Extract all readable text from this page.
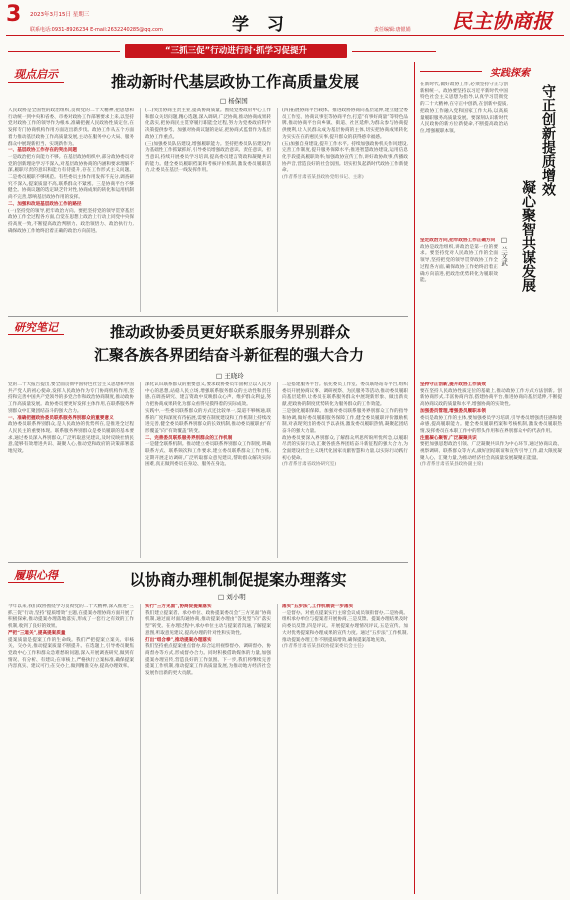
3 2023年3月15日 星期三
联系电话:0931-8926234 E-mail:2632240285@qq.com	学 习	责任编辑:唐银娟 民主协商报
“三抓三促”行动进行时·抓学习促提升
现点启示	推动新时代基层政协工作高质量发展
□ 杨保国
人民政协是全国性的政治组织,贯彻党的二十大精神,把思想和行动统一到中央和省委、市委对政协工作部署要求上来,以坚持党对政协工作的领导作为根本,准确把握人民政协性质定位,在发挥专门协商机构作用方面迈出新步伐。政协工作从五个方面着力推动基层政协工作高质量发展,主动在服务中心大局、服务群众中展现新担当、实现新作为。
一、基层政协工作存在的突出问题
一是政治把方向能力不够。在基层政协组织中,部分政协委员对党的创新理论学习不深入,对基层政协协商的内涵和要求理解不深,履职尽责的意识和能力有待提升,存在工作形式主义问题。二是委员履职不够规范。有些委员主体作用发挥不充分,调查研究不深入,提案质量不高,联系群众不紧密。三是协商平台不够健全。协商议题的选定缺乏针对性,协商成果的转化和运用机制尚不完善,影响基层政协作用的发挥。
二、加强和改进基层政协工作的路径
(一)坚持党的领导,把牢政治方向。要把坚持党的领导贯穿基层政协工作全过程各方面,自觉在思想上政治上行动上同党中央保持高度一致,不断提高政治判断力、政治领悟力、政治执行力,确保政协工作始终沿着正确的政治方向前进。
(二)突出协商主责主业,提高协商质量。围绕党委政府中心工作和群众关切问题,精心选题,深入调研,广泛协商,推动协商成果转化落实,把协商民主贯穿履行职能全过程,努力为党委政府科学决策提供参考。加强对协商议题的论证,把协商式监督作为基层政协工作重点。
(三)加强委员队伍建设,增强履职能力。坚持把委员队伍建设作为基础性工作抓紧抓好,引导委员增强政治意识、责任意识、担当意识,持续开展委员学习培训,提高委员建言资政和凝聚共识的能力。健全委员履职档案和考核评价机制,激发委员履职活力,让委员在基层一线发挥作用。
(四)拓展协商平台载体。推进政协协商向基层延伸,建立健全委员工作室、协商议事室等协商平台,打造“有事好商量”等特色品牌,推动协商平台向乡镇、街道、社区延伸,为群众参与协商提供便利,让人民群众成为基层协商的主体,切实把协商成果转化为实实在在的惠民实事,提升群众的获得感幸福感。
(五)加强自身建设,提升工作水平。持续加强政协机关作风建设,完善工作制度,提升服务保障水平;推进智慧政协建设,运用信息化手段提高履职效率;加强政协宣传工作,讲好政协故事,传播政协声音,营造良好的社会氛围。切实担负起新时代政协工作新使命。
(作者系甘肃省某县政协党组书记、主席)
研究笔记	推动政协委员更好联系服务界别群众
汇聚各族各界团结奋斗新征程的强大合力
□ 王晓玲
党的二十大报告提出,要全面贯彻中国特色社会主义思想和中国共产党人的初心使命,发挥人民政协作为专门协商机构作用,坚持和完善中国共产党领导的多党合作和政治协商制度,推动政协工作高质量发展。政协委员要更好发挥主体作用,在联系服务界别群众中汇聚团结奋斗的强大合力。
一、准确把握政协委员联系服务界别群众的重要意义
政协委员联系界别群众,是人民政协的优势所在,是推进全过程人民民主的重要体现。联系服务界别群众是委员履职的基本要求,通过委员深入界别群众,广泛听取意见建议,及时反映社情民意,能够有效增进共识、凝聚人心,推动党和政府的决策部署落地见效。
深化认识联系群众的重要意义,要求政协委员牢固树立以人民为中心的思想,站稳人民立场,增强联系服务群众的主动性和责任感,在调查研究、建言资政中反映群众心声、维护群众利益,努力把协商成果转化为群众看得见摸得着的实际成效。
实践中,一些委员联系群众的方式还比较单一,渠道不够畅通,联系的广度和深度有待拓展,需要在制度建设和工作机制上持续改进完善,健全委员联系界别群众的长效机制,推动委员履职由“有形覆盖”向“有效覆盖”转变。
二、完善委员联系服务界别群众的工作机制
一是健全联系机制。推动建立委员联系界别群众工作制度,明确联系方式、联系频次和工作要求,建立委员联系群众工作台账,定期开展走访调研,广泛听取群众意见建议,帮助群众解决实际困难,真正做到委员在身边、服务在身边。
二是搭建服务平台。依托委员工作室、委员联络站等平台,组织委员开展协商议事、调研视察、为民服务等活动,推动委员履职向基层延伸,让委员在联系服务群众中展现新形象、做出新贡献,把政协的制度优势转化为服务群众的工作效能。
三是强化履职保障。加强对委员联系服务界别群众工作的指导和协调,做好委员履职服务保障工作,健全委员履职评价激励机制,对表现突出的委员予以表扬,激发委员履职热情,凝聚起团结奋斗的强大力量。
政协委员要深入界别群众,了解群众所思所盼所忧所急,以履职尽责的实际行动,汇聚各族各界团结奋斗新征程的强大合力,为全面建设社会主义现代化国家贡献智慧和力量,以实际行动践行初心使命。
(作者系甘肃省政协研究室)
履职心得	以协商办理机制促提案办理落实
□ 刘小明
今年以来,我们政协围绕学习贯彻党的二十大精神,深入推进“三抓三促”行动,坚持“提质增效”主题,在提案办理协商方面开展了积极探索,推动提案办理落地落实,形成了一套行之有效的工作机制,收到了良好的效果。
严把“三道关”,提高提案质量
提案质量是提案工作的生命线。我们严把提案立案关、审核关、交办关,推动提案质量不断提升。在选题上,引导委员聚焦党政中心工作和群众急难愁盼问题,深入开展调查研究,做到有情况、有分析、有建议;在审核上,严格执行立案标准,确保提案内容真实、建议可行;在交办上,做到精准交办,提高办理效率。
实行“三方见面”,协商促提案落实
我们建立提案者、承办单位、政协提案委员会“三方见面”协商机制,通过面对面沟通协商,推动提案办理由“答复型”向“落实型”转变。在办理过程中,承办单位主动与提案者沟通,了解提案意图,听取意见建议,提高办理的针对性和实效性。
打出“组合拳”,推动提案办理落实
我们坚持重点提案重点督办,综合运用视察督办、调研督办、协商督办等方式,形成督办合力。同时积极借助媒体的力量,加强提案办理宣传,营造良好的工作氛围。下一步,我们将继续完善提案工作机制,推动提案工作高质量发展,为推动地方经济社会发展作出新的更大贡献。
落实“五步法”,工作机制促一步落实
一是督办。对重点提案实行主席会议成员领衔督办,二是协商。组织承办单位与提案者开展协商,三是反馈。提案办理结果及时向委员反馈,四是评议。开展提案办理情况评议,五是宣传。加大对优秀提案和办理成果的宣传力度。通过“五步法”工作机制,推动提案办理工作不断提质增效,确保提案落地见效。
(作者系甘肃省某县政协提案委员会主任)
实践探索
在新时代,做好政协工作,必须坚持守正与创新相统一。政协要坚持以习近平新时代中国特色社会主义思想为指导,认真学习贯彻党的二十大精神,在守正中创新,在创新中提质,把政协工作融入党和国家工作大局,以高质量履职服务高质量发展。要深刻认识新时代人民政协的新方位新使命,不断提高政治站位,增强履职本领。	守正创新提质增效
凝心聚智共谋发展
□ 兰文武
坚定政治方向,把牢政协工作正确方向
政协是政治组织,讲政治是第一位的要求。要坚持党对人民政协工作的全面领导,坚持把党的领导贯穿政协工作全过程各方面,确保政协工作始终沿着正确方向前进,把政治优势转化为履职效能。
坚持守正创新,提升政协工作质效
要在坚持人民政协性质定位的基础上,推动政协工作方式方法创新。创新协商形式,丰富协商内容,搭建协商平台,推进协商向基层延伸,不断提高协商议政的质量和水平,增强协商的实效性。
加强委员管理,增强委员履职本领
委员是政协工作的主体,要加强委员学习培训,引导委员增强责任感和使命感,提高履职能力。健全委员履职档案和考核机制,激发委员履职热情,发挥委员在本职工作中的带头作用和在界别群众中的代表作用。
注重凝心聚智,广泛凝聚共识
要把加强思想政治引领、广泛凝聚共识作为中心环节,通过协商议政、视察调研、联系群众等方式,做好团结联谊和宣传引导工作,最大限度凝聚人心、汇聚力量,为推动经济社会高质量发展凝聚正能量。
(作者系甘肃省某县政协副主席)
